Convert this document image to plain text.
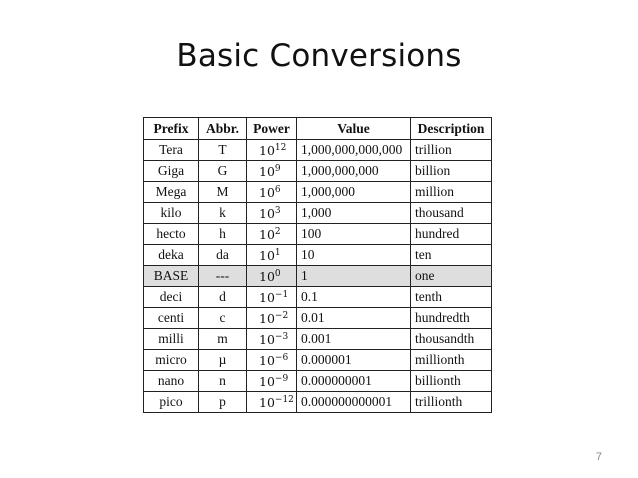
Basic Conversions
Prefix	Abbr.	Power	Value	Description
Tera	T	$10^{12}$	1,000,000,000,000	trillion
Giga	G	$10^9$	1,000,000,000	billion
Mega	M	$10^6$	1,000,000	million
kilo	k	$10^3$	1,000	thousand
hecto	h	$10^2$	100	hundred
deka	da	$10^1$	10	ten
BASE	---	$10^0$	1	one
deci	d	$10^{-1}$	0.1	tenth
centi	c	$10^{-2}$	0.01	hundredth
milli	m	$10^{-3}$	0.001	thousandth
micro	µ	$10^{-6}$	0.000001	millionth
nano	n	$10^{-9}$	0.000000001	billionth
pico	p	$10^{-12}$	0.000000000001	trillionth
7
